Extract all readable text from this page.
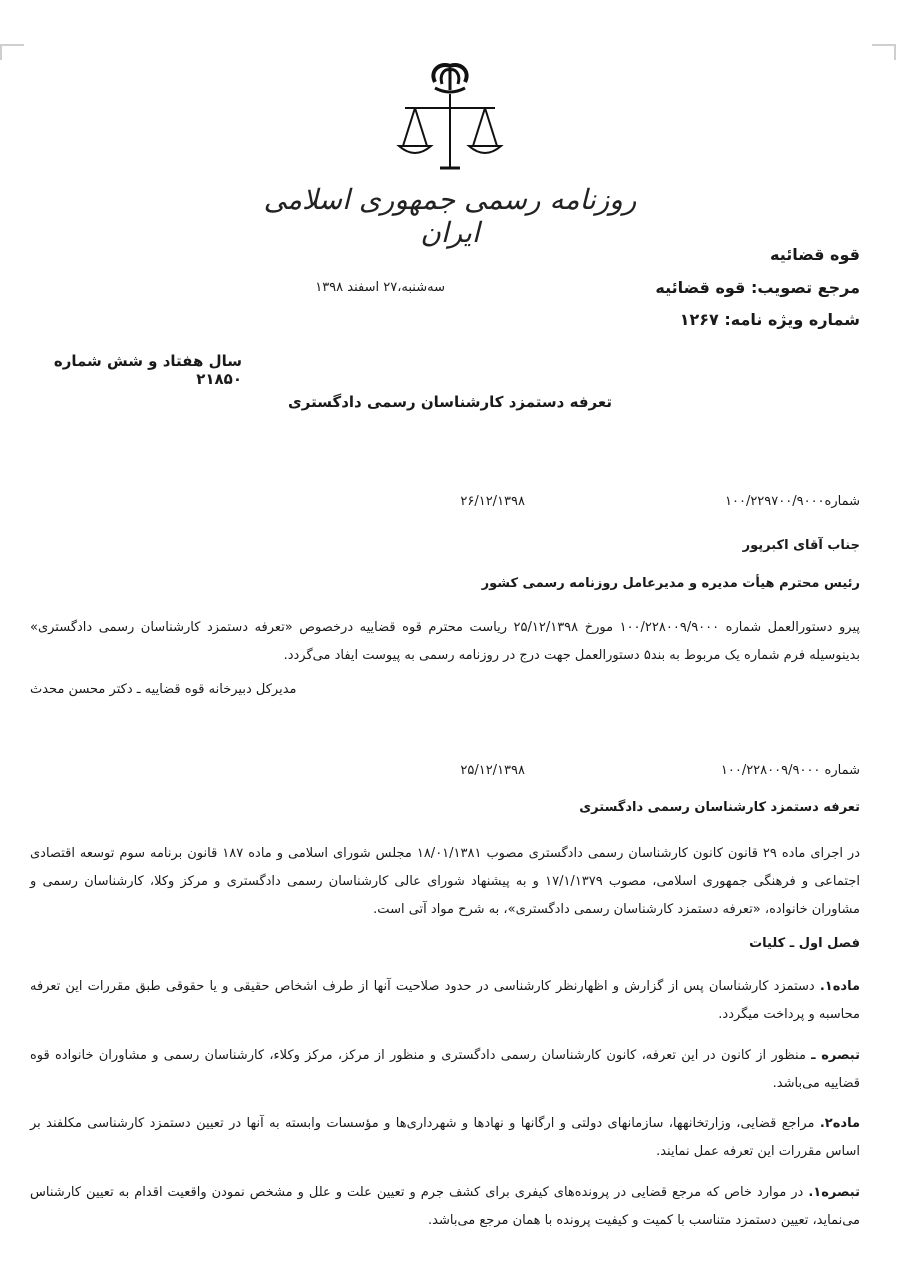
روزنامه رسمی جمهوری اسلامی ایران
قوه قضائیه
مرجع تصویب: قوه قضائیه
سه‌شنبه،۲۷ اسفند ۱۳۹۸
شماره ویژه نامه: ۱۲۶۷
سال هفتاد و شش شماره ۲۱۸۵۰
تعرفه دستمزد کارشناسان رسمی دادگستری
شماره۱۰۰/۲۲۹۷۰۰/۹۰۰۰
۲۶/۱۲/۱۳۹۸
جناب آقای اکبرپور
رئیس محترم هیأت مدیره و مدیرعامل روزنامه رسمی کشور
پیرو دستورالعمل شماره ۱۰۰/۲۲۸۰۰۹/۹۰۰۰ مورخ ۲۵/۱۲/۱۳۹۸ ریاست محترم قوه قضاییه درخصوص «تعرفه دستمزد کارشناسان رسمی دادگستری» بدینوسیله فرم شماره یک مربوط به بند۵ دستورالعمل جهت درج در روزنامه رسمی به پیوست ایفاد می‌گردد.
مدیرکل دبیرخانه قوه قضاییه ـ دکتر محسن محدث
شماره ۱۰۰/۲۲۸۰۰۹/۹۰۰۰
۲۵/۱۲/۱۳۹۸
تعرفه دستمزد کارشناسان رسمی دادگستری
در اجرای ماده ۲۹ قانون کانون کارشناسان رسمی دادگستری مصوب ۱۸/۰۱/۱۳۸۱ مجلس شورای اسلامی و ماده ۱۸۷ قانون برنامه سوم توسعه اقتصادی اجتماعی و فرهنگی جمهوری اسلامی، مصوب ۱۷/۱/۱۳۷۹ و به پیشنهاد شورای عالی کارشناسان رسمی دادگستری و مرکز وکلا، کارشناسان رسمی و مشاوران خانواده، «تعرفه دستمزد کارشناسان رسمی دادگستری»، به شرح مواد آتی است.
فصل اول ـ کلیات
ماده۱. دستمزد کارشناسان پس از گزارش و اظهارنظر کارشناسی در حدود صلاحیت آنها از طرف اشخاص حقیقی و یا حقوقی طبق مقررات این تعرفه محاسبه و پرداخت میگردد.
تبصره ـ منظور از کانون در این تعرفه، کانون کارشناسان رسمی دادگستری و منظور از مرکز، مرکز وکلاء، کارشناسان رسمی و مشاوران خانواده قوه قضاییه می‌باشد.
ماده۲. مراجع قضایی، وزارتخانهها، سازمانهای دولتی و ارگانها و نهادها و شهرداری‌ها و مؤسسات وابسته به آنها در تعیین دستمزد کارشناسی مکلفند بر اساس مقررات این تعرفه عمل نمایند.
تبصره۱. در موارد خاص که مرجع قضایی در پرونده‌های کیفری برای کشف جرم و تعیین علت و علل و مشخص نمودن واقعیت اقدام به تعیین کارشناس می‌نماید، تعیین دستمزد متناسب با کمیت و کیفیت پرونده با همان مرجع می‌باشد.
